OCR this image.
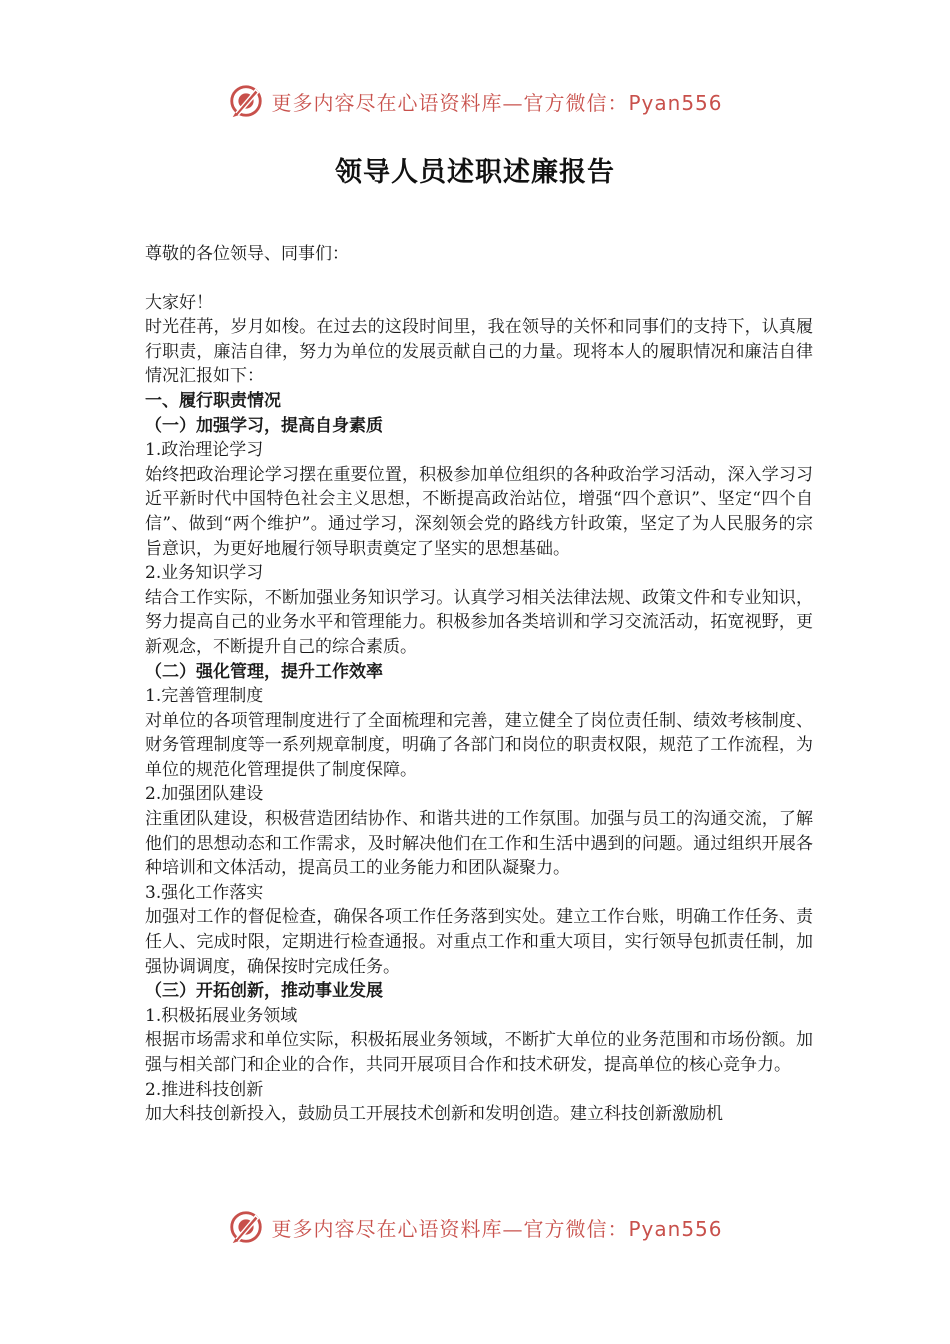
更多内容尽在心语资料库—官方微信：Pyan556
领导人员述职述廉报告

尊敬的各位领导、同事们：

大家好！

时光荏苒，岁月如梭。在过去的这段时间里，我在领导的关怀和同事们的支持下，认真履行职责，廉洁自律，努力为单位的发展贡献自己的力量。现将本人的履职情况和廉洁自律情况汇报如下：

一、履行职责情况

（一）加强学习，提高自身素质

1.政治理论学习

始终把政治理论学习摆在重要位置，积极参加单位组织的各种政治学习活动，深入学习习近平新时代中国特色社会主义思想，不断提高政治站位，增强“四个意识”、坚定“四个自信”、做到“两个维护”。通过学习，深刻领会党的路线方针政策，坚定了为人民服务的宗旨意识，为更好地履行领导职责奠定了坚实的思想基础。

2.业务知识学习

结合工作实际，不断加强业务知识学习。认真学习相关法律法规、政策文件和专业知识，努力提高自己的业务水平和管理能力。积极参加各类培训和学习交流活动，拓宽视野，更新观念，不断提升自己的综合素质。

（二）强化管理，提升工作效率

1.完善管理制度

对单位的各项管理制度进行了全面梳理和完善，建立健全了岗位责任制、绩效考核制度、财务管理制度等一系列规章制度，明确了各部门和岗位的职责权限，规范了工作流程，为单位的规范化管理提供了制度保障。

2.加强团队建设

注重团队建设，积极营造团结协作、和谐共进的工作氛围。加强与员工的沟通交流，了解他们的思想动态和工作需求，及时解决他们在工作和生活中遇到的问题。通过组织开展各种培训和文体活动，提高员工的业务能力和团队凝聚力。

3.强化工作落实

加强对工作的督促检查，确保各项工作任务落到实处。建立工作台账，明确工作任务、责任人、完成时限，定期进行检查通报。对重点工作和重大项目，实行领导包抓责任制，加强协调调度，确保按时完成任务。

（三）开拓创新，推动事业发展

1.积极拓展业务领域

根据市场需求和单位实际，积极拓展业务领域，不断扩大单位的业务范围和市场份额。加强与相关部门和企业的合作，共同开展项目合作和技术研发，提高单位的核心竞争力。

2.推进科技创新

加大科技创新投入，鼓励员工开展技术创新和发明创造。建立科技创新激励机

更多内容尽在心语资料库—官方微信：Pyan556
